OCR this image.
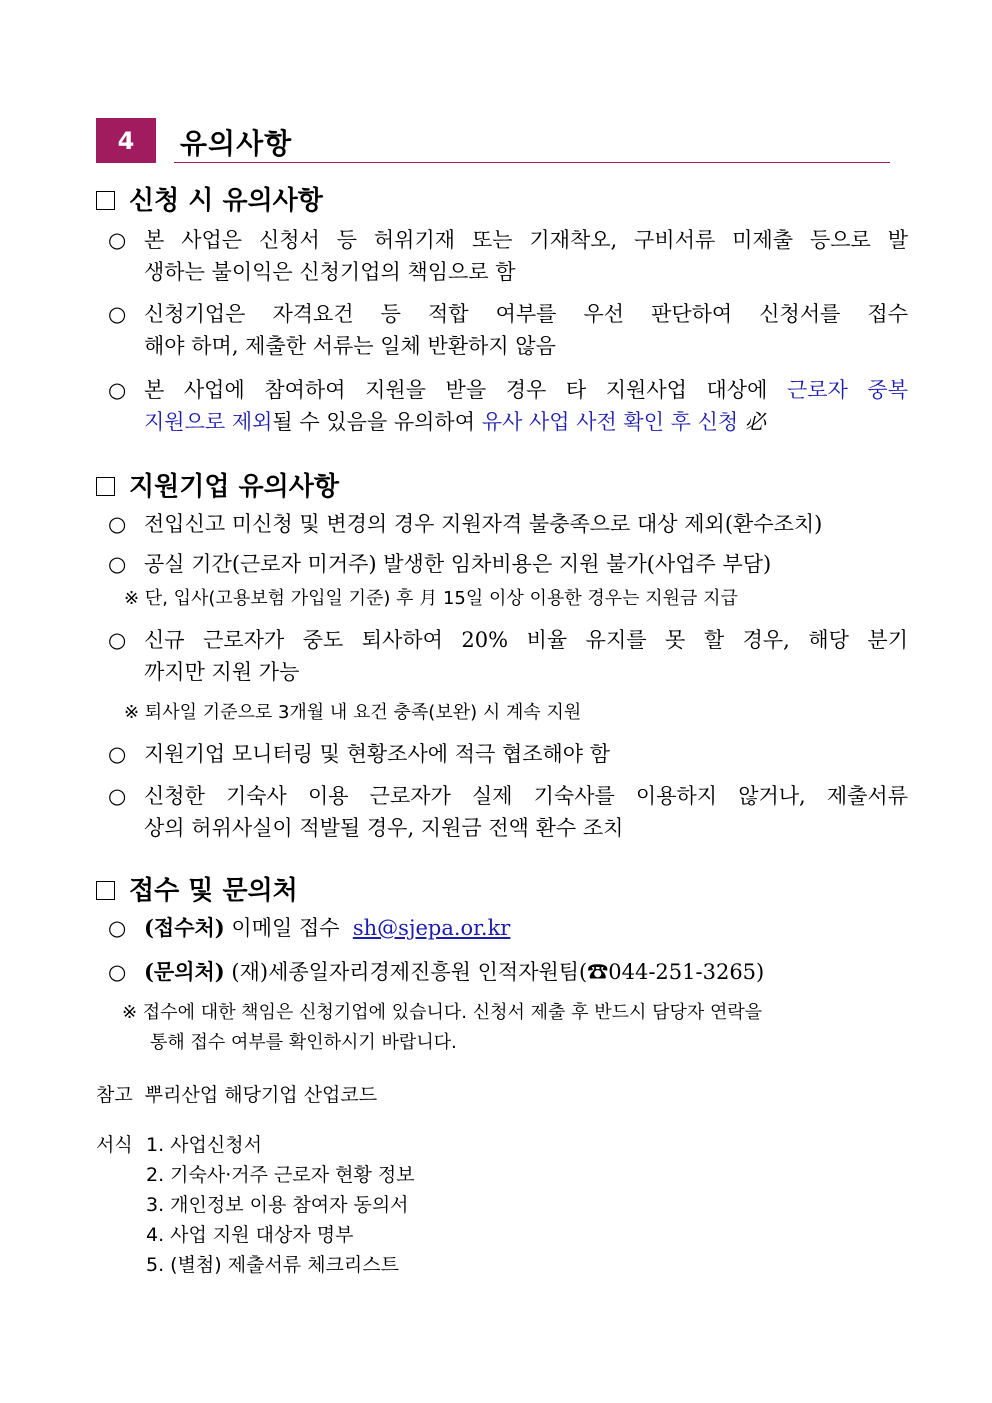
4	유의사항
신청 시 유의사항
○ 본 사업은 신청서 등 허위기재 또는 기재착오, 구비서류 미제출 등으로 발
생하는 불이익은 신청기업의 책임으로 함
○ 신청기업은 자격요건 등 적합 여부를 우선 판단하여 신청서를 접수
해야 하며, 제출한 서류는 일체 반환하지 않음
○ 본 사업에 참여하여 지원을 받을 경우 타 지원사업 대상에 근로자 중복
지원으로 제외될 수 있음을 유의하여 유사 사업 사전 확인 후 신청 必
지원기업 유의사항
○ 전입신고 미신청 및 변경의 경우 지원자격 불충족으로 대상 제외(환수조치)
○ 공실 기간(근로자 미거주) 발생한 임차비용은 지원 불가(사업주 부담)
※ 단, 입사(고용보험 가입일 기준) 후 月 15일 이상 이용한 경우는 지원금 지급
○ 신규 근로자가 중도 퇴사하여 20% 비율 유지를 못 할 경우, 해당 분기
까지만 지원 가능
※ 퇴사일 기준으로 3개월 내 요건 충족(보완) 시 계속 지원
○ 지원기업 모니터링 및 현황조사에 적극 협조해야 함
○ 신청한 기숙사 이용 근로자가 실제 기숙사를 이용하지 않거나, 제출서류
상의 허위사실이 적발될 경우, 지원금 전액 환수 조치
접수 및 문의처
○ (접수처) 이메일 접수  sh@sjepa.or.kr
○ (문의처) (재)세종일자리경제진흥원 인적자원팀(☎044-251-3265)
※ 접수에 대한 책임은 신청기업에 있습니다. 신청서 제출 후 반드시 담당자 연락을
통해 접수 여부를 확인하시기 바랍니다.
참고  뿌리산업 해당기업 산업코드
서식 1. 사업신청서
2. 기숙사·거주 근로자 현황 정보
3. 개인정보 이용 참여자 동의서
4. 사업 지원 대상자 명부
5. (별첨) 제출서류 체크리스트
